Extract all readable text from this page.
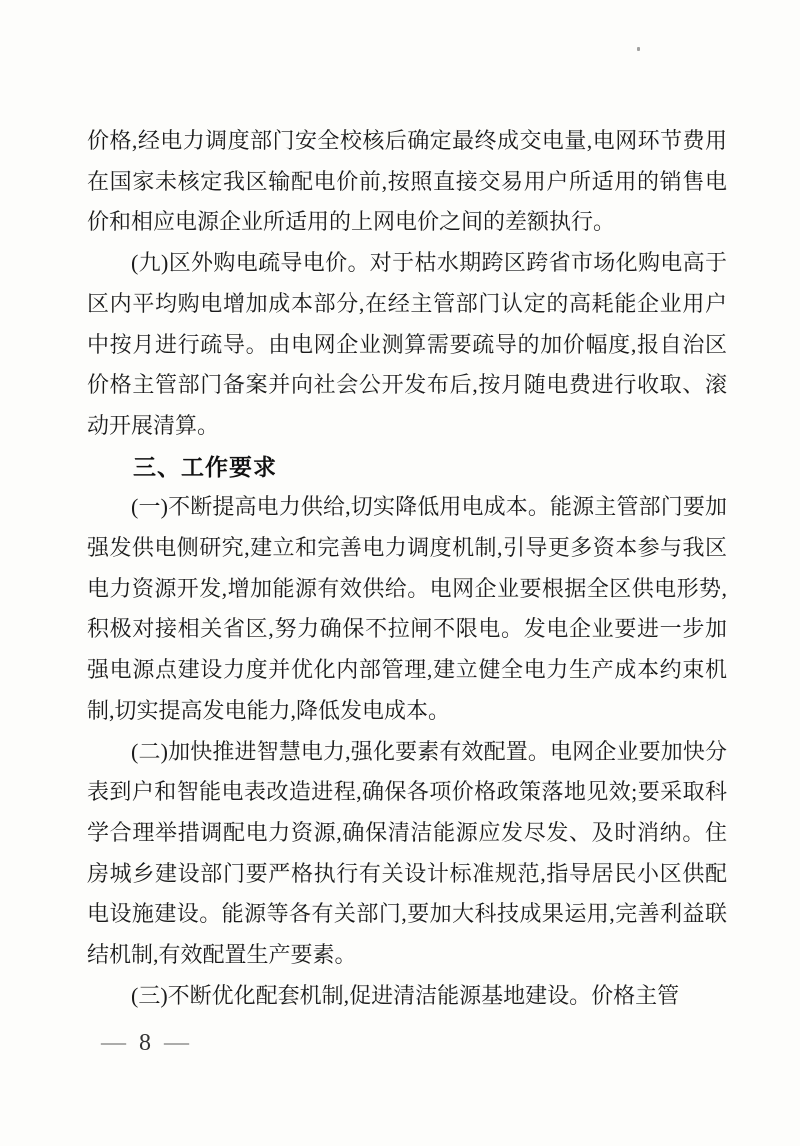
价格,经电力调度部门安全校核后确定最终成交电量,电网环节费用在国家未核定我区输配电价前,按照直接交易用户所适用的销售电价和相应电源企业所适用的上网电价之间的差额执行。

(九)区外购电疏导电价。对于枯水期跨区跨省市场化购电高于区内平均购电增加成本部分,在经主管部门认定的高耗能企业用户中按月进行疏导。由电网企业测算需要疏导的加价幅度,报自治区价格主管部门备案并向社会公开发布后,按月随电费进行收取、滚动开展清算。

三、工作要求

(一)不断提高电力供给,切实降低用电成本。能源主管部门要加强发供电侧研究,建立和完善电力调度机制,引导更多资本参与我区电力资源开发,增加能源有效供给。电网企业要根据全区供电形势,积极对接相关省区,努力确保不拉闸不限电。发电企业要进一步加强电源点建设力度并优化内部管理,建立健全电力生产成本约束机制,切实提高发电能力,降低发电成本。

(二)加快推进智慧电力,强化要素有效配置。电网企业要加快分表到户和智能电表改造进程,确保各项价格政策落地见效;要采取科学合理举措调配电力资源,确保清洁能源应发尽发、及时消纳。住房城乡建设部门要严格执行有关设计标准规范,指导居民小区供配电设施建设。能源等各有关部门,要加大科技成果运用,完善利益联结机制,有效配置生产要素。

(三)不断优化配套机制,促进清洁能源基地建设。价格主管

— 8 —
